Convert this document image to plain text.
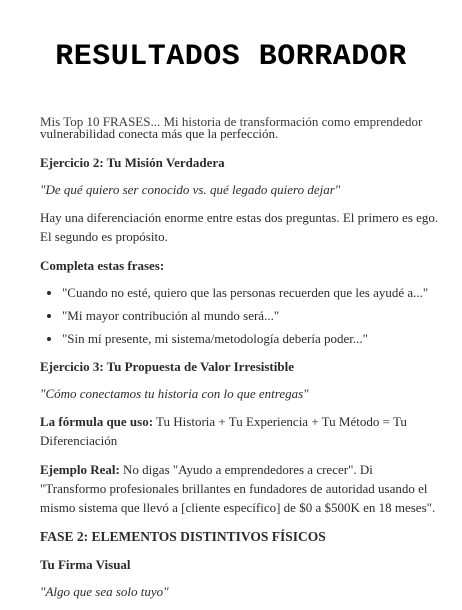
RESULTADOS BORRADOR
Mis Top 10 FRASES... Mi historia de transformación como emprendedor

vulnerabilidad conecta más que la perfección.

Ejercicio 2: Tu Misión Verdadera
"De qué quiero ser conocido vs. qué legado quiero dejar"

Hay una diferenciación enorme entre estas dos preguntas. El primero es ego. El segundo es propósito.

Completa estas frases:
• "Cuando no esté, quiero que las personas recuerden que les ayudé a..."
• "Mi mayor contribución al mundo será..."
• "Sin mí presente, mi sistema/metodología debería poder..."
Ejercicio 3: Tu Propuesta de Valor Irresistible
"Cómo conectamos tu historia con lo que entregas"

La fórmula que uso: Tu Historia + Tu Experiencia + Tu Método = Tu Diferenciación

Ejemplo Real: No digas "Ayudo a emprendedores a crecer". Di "Transformo profesionales brillantes en fundadores de autoridad usando el mismo sistema que llevó a [cliente específico] de $0 a $500K en 18 meses".

FASE 2: ELEMENTOS DISTINTIVOS FÍSICOS
Tu Firma Visual
"Algo que sea solo tuyo"
